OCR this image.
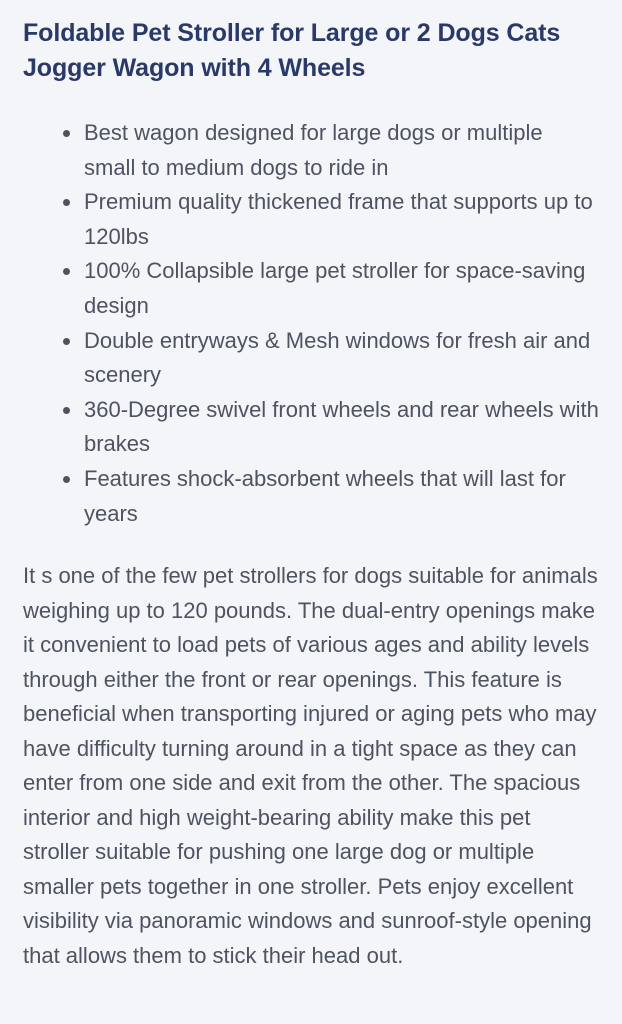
Foldable Pet Stroller for Large or 2 Dogs Cats Jogger Wagon with 4 Wheels
Best wagon designed for large dogs or multiple small to medium dogs to ride in
Premium quality thickened frame that supports up to 120lbs
100% Collapsible large pet stroller for space-saving design
Double entryways & Mesh windows for fresh air and scenery
360-Degree swivel front wheels and rear wheels with brakes
Features shock-absorbent wheels that will last for years

It s one of the few pet strollers for dogs suitable for animals weighing up to 120 pounds. The dual-entry openings make it convenient to load pets of various ages and ability levels through either the front or rear openings. This feature is beneficial when transporting injured or aging pets who may have difficulty turning around in a tight space as they can enter from one side and exit from the other. The spacious interior and high weight-bearing ability make this pet stroller suitable for pushing one large dog or multiple smaller pets together in one stroller. Pets enjoy excellent visibility via panoramic windows and sunroof-style opening that allows them to stick their head out.
